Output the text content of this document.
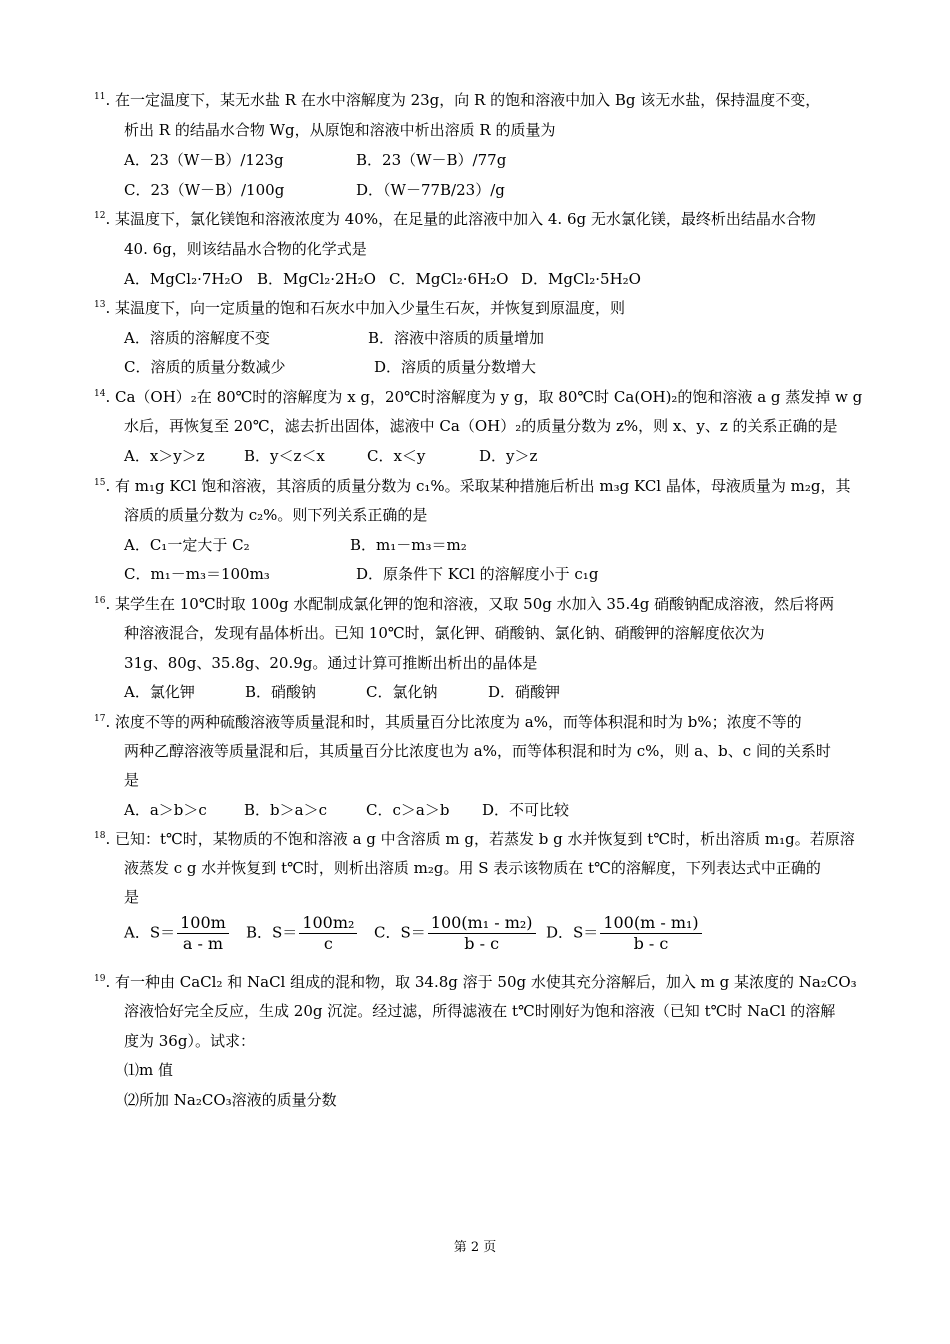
$^{11}$. 在一定温度下，某无水盐 R 在水中溶解度为 23g，向 R 的饱和溶液中加入 Bg 该无水盐，保持温度不变，
析出 R 的结晶水合物 Wg，从原饱和溶液中析出溶质 R 的质量为
A．23（W－B）/123g	B．23（W－B）/77g
C．23（W－B）/100g	D．（W－77B/23）/g
$^{12}$. 某温度下，氯化镁饱和溶液浓度为 40%，在足量的此溶液中加入 4. 6g 无水氯化镁，最终析出结晶水合物
40. 6g，则该结晶水合物的化学式是
A．MgCl₂·7H₂O B．MgCl₂·2H₂O C．MgCl₂·6H₂O D．MgCl₂·5H₂O
$^{13}$. 某温度下，向一定质量的饱和石灰水中加入少量生石灰，并恢复到原温度，则
A．溶质的溶解度不变	B．溶液中溶质的质量增加
C．溶质的质量分数减少	D．溶质的质量分数增大
$^{14}$. Ca（OH）₂在 80℃时的溶解度为 x g，20℃时溶解度为 y g，取 80℃时 Ca(OH)₂的饱和溶液 a g 蒸发掉 w g
水后，再恢复至 20℃，滤去折出固体，滤液中 Ca（OH）₂的质量分数为 z%，则 x、y、z 的关系正确的是
A．x＞y＞z	B．y＜z＜x	C．x＜y	D．y＞z
$^{15}$. 有 m₁g KCl 饱和溶液，其溶质的质量分数为 c₁%。采取某种措施后析出 m₃g KCl 晶体，母液质量为 m₂g，其
溶质的质量分数为 c₂%。则下列关系正确的是
A．C₁一定大于 C₂	B．m₁－m₃＝m₂
C．m₁－m₃＝100m₃	D．原条件下 KCl 的溶解度小于 c₁g
$^{16}$. 某学生在 10℃时取 100g 水配制成氯化钾的饱和溶液，又取 50g 水加入 35.4g 硝酸钠配成溶液，然后将两
种溶液混合，发现有晶体析出。已知 10℃时，氯化钾、硝酸钠、氯化钠、硝酸钾的溶解度依次为
31g、80g、35.8g、20.9g。通过计算可推断出析出的晶体是
A．氯化钾	B．硝酸钠	C．氯化钠	D．硝酸钾
$^{17}$. 浓度不等的两种硫酸溶液等质量混和时，其质量百分比浓度为 a%，而等体积混和时为 b%；浓度不等的
两种乙醇溶液等质量混和后，其质量百分比浓度也为 a%，而等体积混和时为 c%，则 a、b、c 间的关系时
是
A．a＞b＞c B．b＞a＞c	C．c＞a＞b D．不可比较
$^{18}$. 已知：t℃时，某物质的不饱和溶液 a g 中含溶质 m g，若蒸发 b g 水并恢复到 t℃时，析出溶质 m₁g。若原溶
液蒸发 c g 水并恢复到 t℃时，则析出溶质 m₂g。用 S 表示该物质在 t℃的溶解度，下列表达式中正确的
是
A．$S= \frac{100m}{a - m}$ B．$S= \frac{\text{100m₂}}{c}$ C．$S= \frac{\text{100(m₁ - m₂)}}{b - c}$ D．$S= \frac{\text{100(m - m₁)}}{b - c}$
$^{19}$. 有一种由 CaCl₂ 和 NaCl 组成的混和物，取 34.8g 溶于 50g 水使其充分溶解后，加入 m g 某浓度的 Na₂CO₃
溶液恰好完全反应，生成 20g 沉淀。经过滤，所得滤液在 t℃时刚好为饱和溶液（已知 t℃时 NaCl 的溶解
度为 36g）。试求：
⑴m 值
⑵所加 Na₂CO₃溶液的质量分数
第 2 页
